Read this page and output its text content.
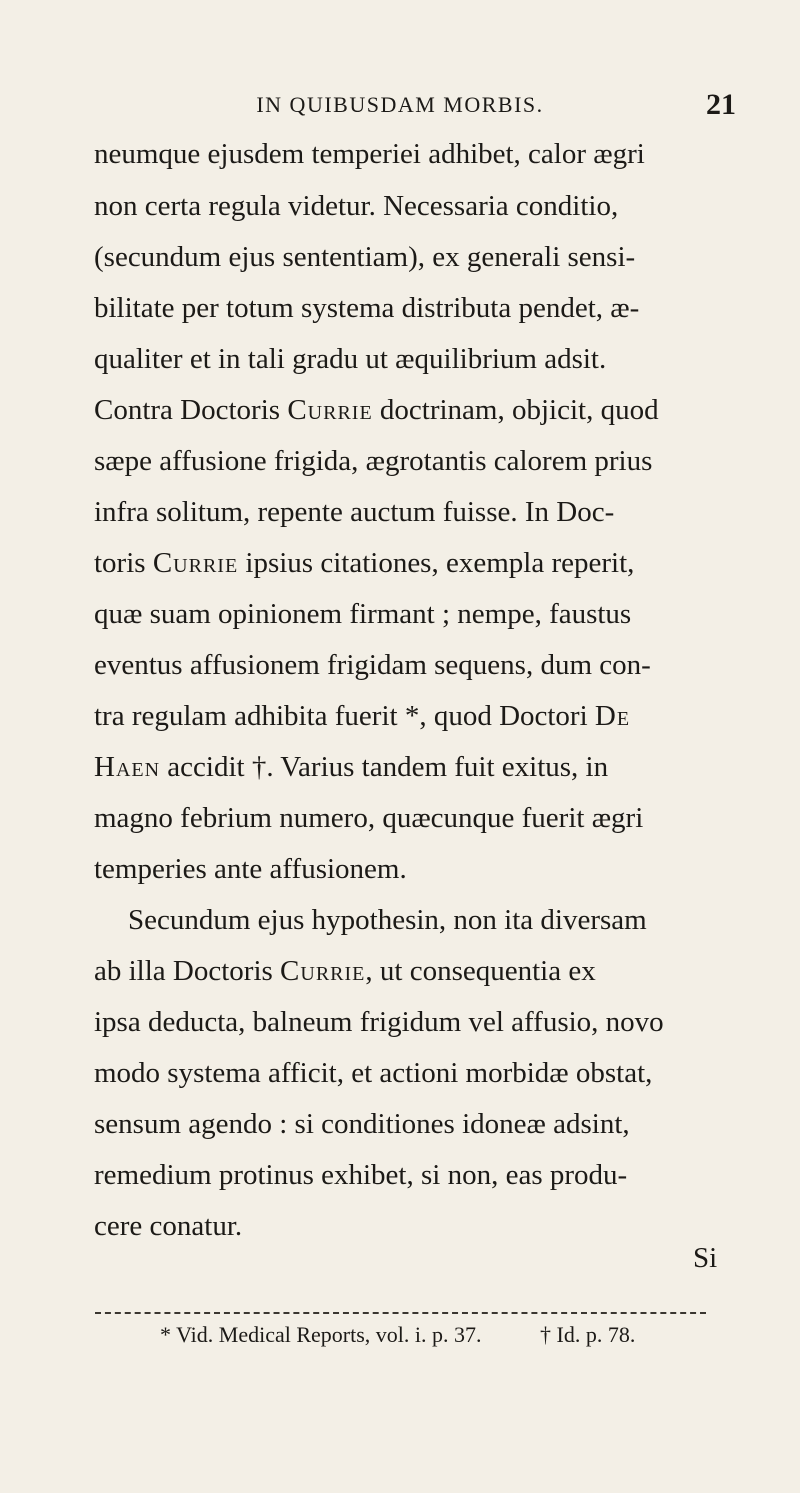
IN QUIBUSDAM MORBIS.	21
neumque ejusdem temperiei adhibet, calor ægri
non certa regula videtur. Necessaria conditio,
(secundum ejus sententiam), ex generali sensi-
bilitate per totum systema distributa pendet, æ-
qualiter et in tali gradu ut æquilibrium adsit.
Contra Doctoris Currie doctrinam, objicit, quod
sæpe affusione frigida, ægrotantis calorem prius
infra solitum, repente auctum fuisse. In Doc-
toris Currie ipsius citationes, exempla reperit,
quæ suam opinionem firmant ; nempe, faustus
eventus affusionem frigidam sequens, dum con-
tra regulam adhibita fuerit *, quod Doctori De
Haen accidit †. Varius tandem fuit exitus, in
magno febrium numero, quæcunque fuerit ægri
temperies ante affusionem.
Secundum ejus hypothesin, non ita diversam
ab illa Doctoris Currie, ut consequentia ex
ipsa deducta, balneum frigidum vel affusio, novo
modo systema afficit, et actioni morbidæ obstat,
sensum agendo : si conditiones idoneæ adsint,
remedium protinus exhibet, si non, eas produ-
cere conatur.
Si
* Vid. Medical Reports, vol. i. p. 37.	† Id. p. 78.
